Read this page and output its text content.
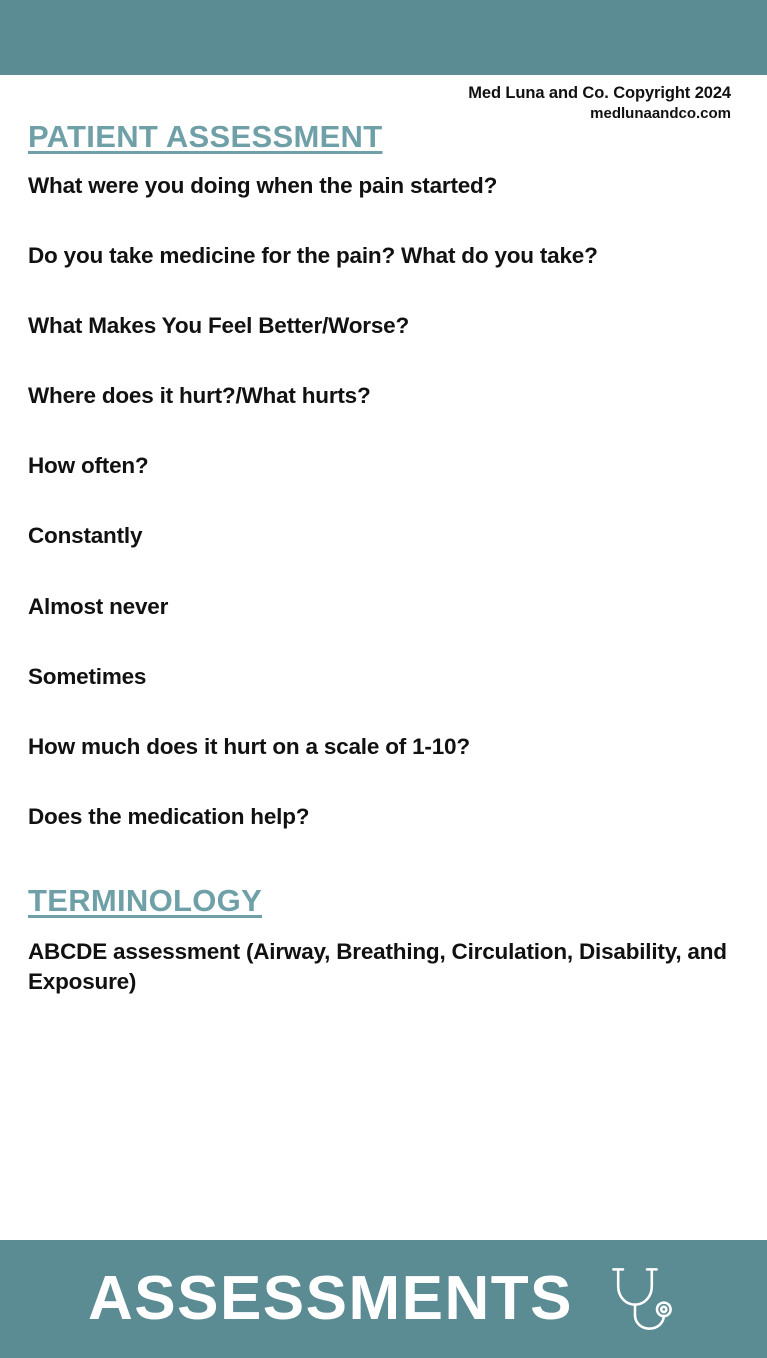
Med Luna and Co. Copyright 2024
medlunaandco.com
PATIENT ASSESSMENT
What were you doing when the pain started?
Do you take medicine for the pain? What do you take?
What Makes You Feel Better/Worse?
Where does it hurt?/What hurts?
How often?
Constantly
Almost never
Sometimes
How much does it hurt on a scale of 1-10?
Does the medication help?
TERMINOLOGY
ABCDE assessment (Airway, Breathing, Circulation, Disability, and Exposure)
ASSESSMENTS
